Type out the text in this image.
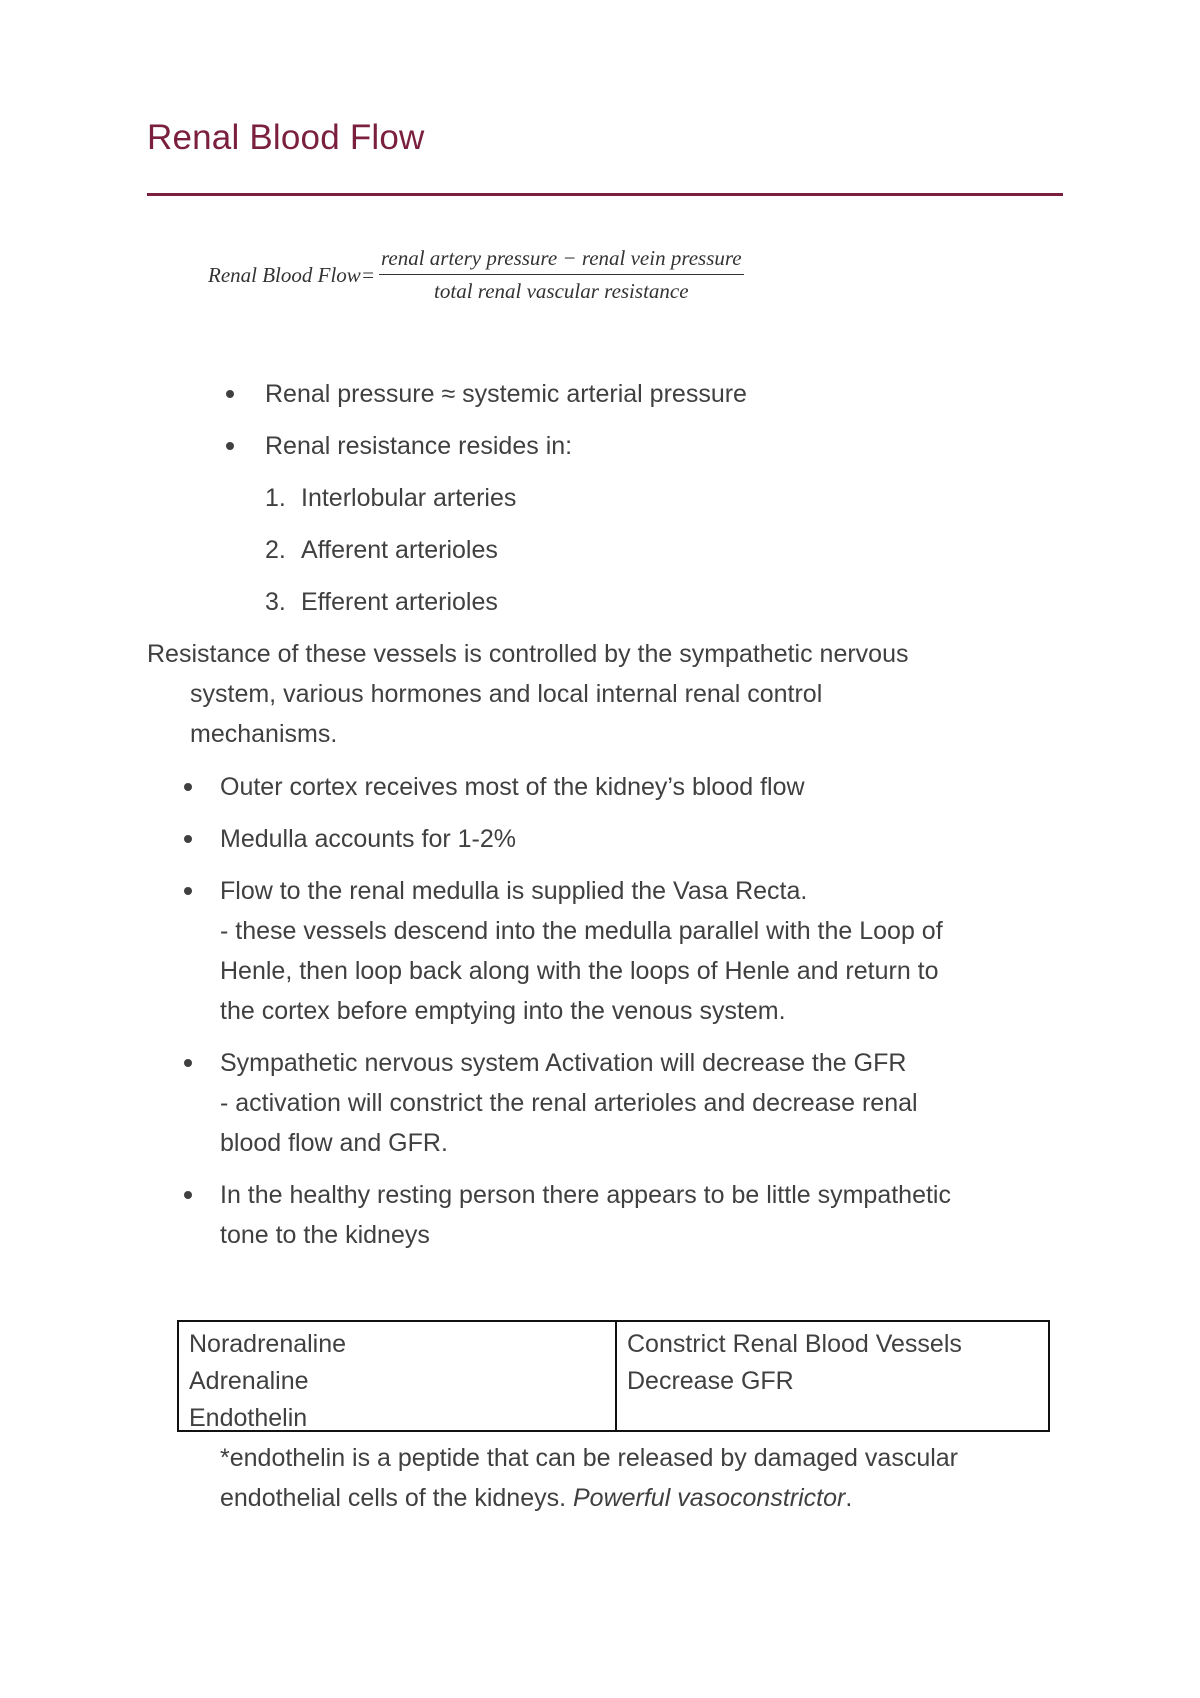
Renal Blood Flow
Renal Blood Flow= $\frac{\text{renal artery pressure − renal vein pressure}}{\text{total renal vascular resistance}}$
Renal pressure ≈ systemic arterial pressure
Renal resistance resides in:
1. Interlobular arteries
2. Afferent arterioles
3. Efferent arterioles
Resistance of these vessels is controlled by the sympathetic nervous
system, various hormones and local internal renal control
mechanisms.
Outer cortex receives most of the kidney’s blood flow
Medulla accounts for 1-2%
Flow to the renal medulla is supplied the Vasa Recta.
- these vessels descend into the medulla parallel with the Loop of
Henle, then loop back along with the loops of Henle and return to
the cortex before emptying into the venous system.
Sympathetic nervous system Activation will decrease the GFR
- activation will constrict the renal arterioles and decrease renal
blood flow and GFR.
In the healthy resting person there appears to be little sympathetic
tone to the kidneys
Noradrenaline
Adrenaline
Endothelin
Constrict Renal Blood Vessels
Decrease GFR
*endothelin is a peptide that can be released by damaged vascular
endothelial cells of the kidneys. Powerful vasoconstrictor.
